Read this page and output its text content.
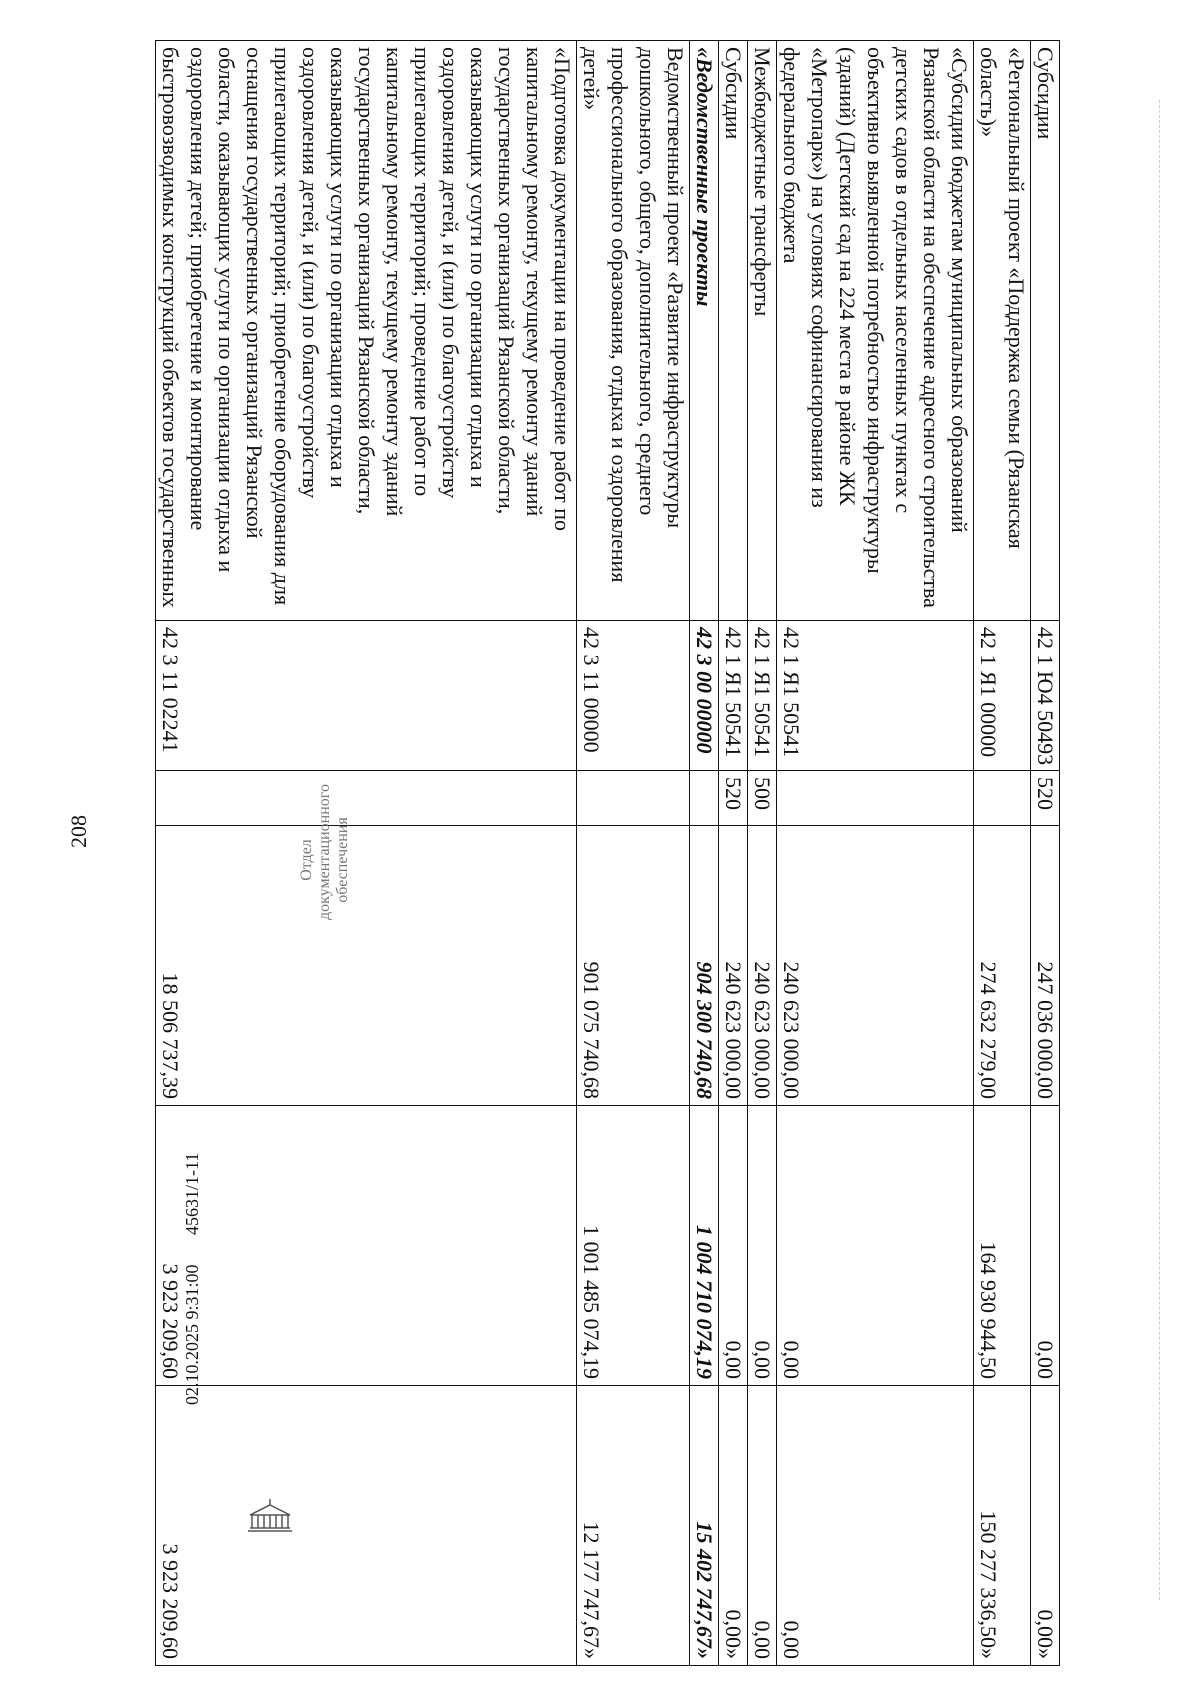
208
Субсидии	42 1 Ю4 50493	520	247 036 000,00	0,00	0,00»
«Региональный проект «Поддержка семьи (Рязанская область)»	42 1 Я1 00000		274 632 279,00	164 930 944,50	150 277 336,50»
«Субсидии бюджетам муниципальных образований Рязанской области на обеспечение адресного строительства детских садов в отдельных населенных пунктах с объективно выявленной потребностью инфраструктуры (зданий) (Детский сад на 224 места в районе ЖК «Метропарк») на условиях софинансирования из федерального бюджета	42 1 Я1 50541		240 623 000,00	0,00	0,00
Межбюджетные трансферты	42 1 Я1 50541	500	240 623 000,00	0,00	0,00
Субсидии	42 1 Я1 50541	520	240 623 000,00	0,00	0,00»
«Ведомственные проекты	42 3 00 00000		904 300 740,68	1 004 710 074,19	15 402 747,67»
Ведомственный проект «Развитие инфраструктуры дошкольного, общего, дополнительного, среднего профессионального образования, отдыха и оздоровления детей»	42 3 11 00000		901 075 740,68	1 001 485 074,19	12 177 747,67»
«Подготовка документации на проведение работ по капитальному ремонту, текущему ремонту зданий государственных организаций Рязанской области, оказывающих услуги по организации отдыха и оздоровления детей, и (или) по благоустройству прилегающих территорий; проведение работ по капитальному ремонту, текущему ремонту зданий государственных организаций Рязанской области, оказывающих услуги по организации отдыха и оздоровления детей, и (или) по благоустройству прилегающих территорий; приобретение оборудования для оснащения государственных организаций Рязанской области, оказывающих услуги по организации отдыха и оздоровления детей; приобретение и монтирование быстровозводимых конструкций объектов государственных	42 3 11 02241		18 506 737,39	3 923 209,60	3 923 209,60
02.10.2025 9:31:00
45631/1-11
Отдел документационного обеспечения
